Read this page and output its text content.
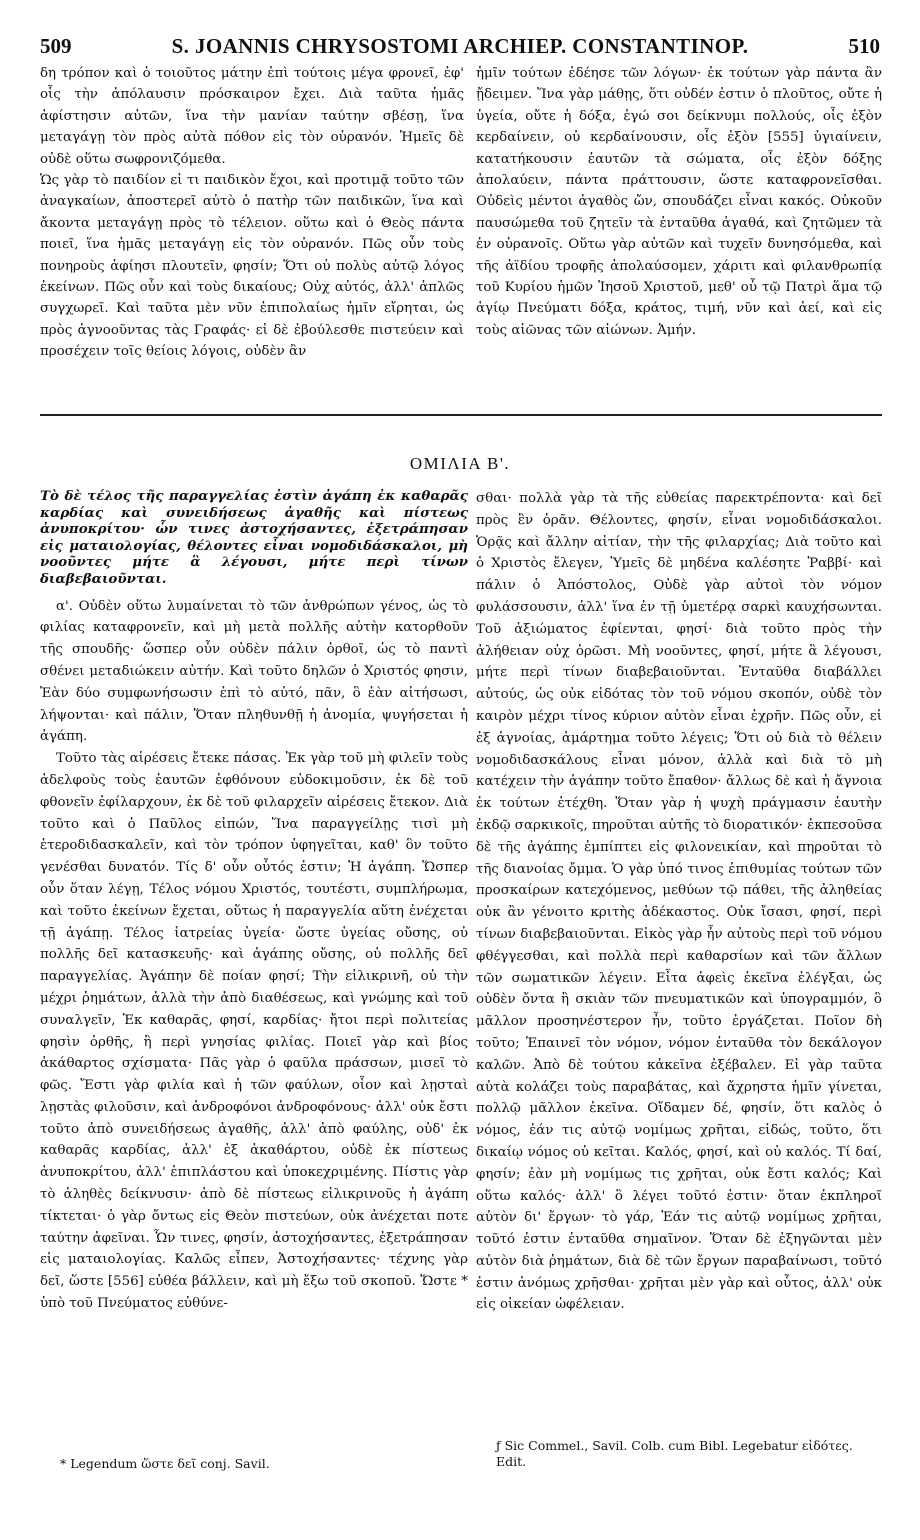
509	S. JOANNIS CHRYSOSTOMI ARCHIEP. CONSTANTINOP.	510

δη τρόπον καὶ ὁ τοιοῦτος μάτην ἐπὶ τούτοις μέγα φρονεῖ, ἐφ' οἷς τὴν ἀπόλαυσιν πρόσκαιρον ἔχει. Διὰ ταῦτα ἡμᾶς ἀφίστησιν αὐτῶν, ἵνα τὴν μανίαν ταύτην σβέσῃ, ἵνα μεταγάγῃ τὸν πρὸς αὐτὰ πόθον εἰς τὸν οὐρανόν. Ἡμεῖς δὲ οὐδὲ οὕτω σωφρονιζόμεθα.

Ὡς γὰρ τὸ παιδίον εἰ τι παιδικὸν ἔχοι, καὶ προτιμᾷ τοῦτο τῶν ἀναγκαίων, ἀποστερεῖ αὐτὸ ὁ πατὴρ τῶν παιδικῶν, ἵνα καὶ ἄκοντα μεταγάγῃ πρὸς τὸ τέλειον. οὕτω καὶ ὁ Θεὸς πάντα ποιεῖ, ἵνα ἡμᾶς μεταγάγῃ εἰς τὸν οὐρανόν. Πῶς οὖν τοὺς πονηροὺς ἀφίησι πλουτεῖν, φησίν; Ὅτι οὐ πολὺς αὐτῷ λόγος ἐκείνων. Πῶς οὖν καὶ τοὺς δικαίους; Οὐχ αὐτός, ἀλλ' ἁπλῶς συγχωρεῖ. Καὶ ταῦτα μὲν νῦν ἐπιπολαίως ἡμῖν εἴρηται, ὡς πρὸς ἀγνοοῦντας τὰς Γραφάς· εἰ δὲ ἐβούλεσθε πιστεύειν καὶ προσέχειν τοῖς θείοις λόγοις, οὐδὲν ἂν

ἡμῖν τούτων ἐδέησε τῶν λόγων· ἐκ τούτων γὰρ πάντα ἂν ᾔδειμεν. Ἵνα γὰρ μάθῃς, ὅτι οὐδέν ἐστιν ὁ πλοῦτος, οὔτε ἡ ὑγεία, οὔτε ἡ δόξα, ἐγώ σοι δείκνυμι πολλούς, οἷς ἐξὸν κερδαίνειν, οὐ κερδαίνουσιν, οἷς ἐξὸν [555] ὑγιαίνειν, κατατήκουσιν ἑαυτῶν τὰ σώματα, οἷς ἐξὸν δόξης ἀπολαύειν, πάντα πράττουσιν, ὥστε καταφρονεῖσθαι. Οὐδεὶς μέντοι ἀγαθὸς ὤν, σπουδάζει εἶναι κακός. Οὐκοῦν παυσώμεθα τοῦ ζητεῖν τὰ ἐνταῦθα ἀγαθά, καὶ ζητῶμεν τὰ ἐν οὐρανοῖς. Οὕτω γὰρ αὐτῶν καὶ τυχεῖν δυνησόμεθα, καὶ τῆς ἀϊδίου τροφῆς ἀπολαύσομεν, χάριτι καὶ φιλανθρωπίᾳ τοῦ Κυρίου ἡμῶν Ἰησοῦ Χριστοῦ, μεθ' οὗ τῷ Πατρὶ ἅμα τῷ ἁγίῳ Πνεύματι δόξα, κράτος, τιμή, νῦν καὶ ἀεί, καὶ εἰς τοὺς αἰῶνας τῶν αἰώνων. Ἀμήν.

ΟΜΙΛΙΑ Β'.

Τὸ δὲ τέλος τῆς παραγγελίας ἐστὶν ἀγάπη ἐκ καθαρᾶς καρδίας καὶ συνειδήσεως ἀγαθῆς καὶ πίστεως ἀνυποκρίτου· ὧν τινες ἀστοχήσαντες, ἐξετράπησαν εἰς ματαιολογίας, θέλοντες εἶναι νομοδιδάσκαλοι, μὴ νοοῦντες μήτε ἃ λέγουσι, μήτε περὶ τίνων διαβεβαιοῦνται.

α'. Οὐδὲν οὕτω λυμαίνεται τὸ τῶν ἀνθρώπων γένος, ὡς τὸ φιλίας καταφρονεῖν, καὶ μὴ μετὰ πολλῆς αὐτὴν κατορθοῦν τῆς σπουδῆς· ὥσπερ οὖν οὐδὲν πάλιν ὀρθοῖ, ὡς τὸ παντὶ σθένει μεταδιώκειν αὐτήν. Καὶ τοῦτο δηλῶν ὁ Χριστός φησιν, Ἐὰν δύο συμφωνήσωσιν ἐπὶ τὸ αὐτό, πᾶν, ὃ ἐὰν αἰτήσωσι, λήψονται· καὶ πάλιν, Ὅταν πληθυνθῇ ἡ ἀνομία, ψυγήσεται ἡ ἀγάπη.

Τοῦτο τὰς αἱρέσεις ἔτεκε πάσας. Ἐκ γὰρ τοῦ μὴ φιλεῖν τοὺς ἀδελφοὺς τοὺς ἑαυτῶν ἐφθόνουν εὐδοκιμοῦσιν, ἐκ δὲ τοῦ φθονεῖν ἐφίλαρχουν, ἐκ δὲ τοῦ φιλαρχεῖν αἱρέσεις ἔτεκον. Διὰ τοῦτο καὶ ὁ Παῦλος εἰπών, Ἵνα παραγγείλῃς τισὶ μὴ ἑτεροδιδασκαλεῖν, καὶ τὸν τρόπον ὑφηγεῖται, καθ' ὃν τοῦτο γενέσθαι δυνατόν. Τίς δ' οὗν οὗτός ἐστιν; Ἡ ἀγάπη. Ὥσπερ οὖν ὅταν λέγῃ, Τέλος νόμου Χριστός, τουτέστι, συμπλήρωμα, καὶ τοῦτο ἐκείνων ἔχεται, οὕτως ἡ παραγγελία αὕτη ἐνέχεται τῇ ἀγάπῃ. Τέλος ἰατρείας ὑγεία· ὥστε ὑγείας οὔσης, οὐ πολλῆς δεῖ κατασκευῆς· καὶ ἀγάπης οὔσης, οὐ πολλῆς δεῖ παραγγελίας. Ἀγάπην δὲ ποίαν φησί; Τὴν εἰλικρινῆ, οὐ τὴν μέχρι ῥημάτων, ἀλλὰ τὴν ἀπὸ διαθέσεως, καὶ γνώμης καὶ τοῦ συναλγεῖν, Ἐκ καθαρᾶς, φησί, καρδίας· ἤτοι περὶ πολιτείας φησὶν ὀρθῆς, ἢ περὶ γνησίας φιλίας. Ποιεῖ γὰρ καὶ βίος ἀκάθαρτος σχίσματα· Πᾶς γὰρ ὁ φαῦλα πράσσων, μισεῖ τὸ φῶς. Ἔστι γὰρ φιλία καὶ ἡ τῶν φαύλων, οἷον καὶ λῃσταὶ λῃστὰς φιλοῦσιν, καὶ ἀνδροφόνοι ἀνδροφόνους· ἀλλ' οὐκ ἔστι τοῦτο ἀπὸ συνειδήσεως ἀγαθῆς, ἀλλ' ἀπὸ φαύλης, οὐδ' ἐκ καθαρᾶς καρδίας, ἀλλ' ἐξ ἀκαθάρτου, οὐδὲ ἐκ πίστεως ἀνυποκρίτου, ἀλλ' ἐπιπλάστου καὶ ὑποκεχριμένης. Πίστις γὰρ τὸ ἀληθὲς δείκνυσιν· ἀπὸ δὲ πίστεως εἰλικρινοῦς ἡ ἀγάπη τίκτεται· ὁ γὰρ ὄντως εἰς Θεὸν πιστεύων, οὐκ ἀνέχεται ποτε ταύτην ἀφεῖναι. Ὧν τινες, φησίν, ἀστοχήσαντες, ἐξετράπησαν εἰς ματαιολογίας. Καλῶς εἶπεν, Ἀστοχήσαντες· τέχνης γὰρ δεῖ, ὥστε [556] εὐθέα βάλλειν, καὶ μὴ ἔξω τοῦ σκοποῦ. Ὥστε * ὑπὸ τοῦ Πνεύματος εὐθύνε-

σθαι· πολλὰ γὰρ τὰ τῆς εὐθείας παρεκτρέποντα· καὶ δεῖ πρὸς ἓν ὁρᾶν. Θέλοντες, φησίν, εἶναι νομοδιδάσκαλοι. Ὁρᾷς καὶ ἄλλην αἰτίαν, τὴν τῆς φιλαρχίας; Διὰ τοῦτο καὶ ὁ Χριστὸς ἔλεγεν, Ὑμεῖς δὲ μηδένα καλέσητε Ῥαββί· καὶ πάλιν ὁ Ἀπόστολος, Οὐδὲ γὰρ αὐτοὶ τὸν νόμον φυλάσσουσιν, ἀλλ' ἵνα ἐν τῇ ὑμετέρᾳ σαρκὶ καυχήσωνται. Τοῦ ἀξιώματος ἐφίενται, φησί· διὰ τοῦτο πρὸς τὴν ἀλήθειαν οὐχ ὁρῶσι. Μὴ νοοῦντες, φησί, μήτε ἃ λέγουσι, μήτε περὶ τίνων διαβεβαιοῦνται. Ἐνταῦθα διαβάλλει αὐτούς, ὡς οὐκ εἰδότας τὸν τοῦ νόμου σκοπόν, οὐδὲ τὸν καιρὸν μέχρι τίνος κύριον αὐτὸν εἶναι ἐχρῆν. Πῶς οὖν, εἰ ἐξ ἀγνοίας, ἁμάρτημα τοῦτο λέγεις; Ὅτι οὐ διὰ τὸ θέλειν νομοδιδασκάλους εἶναι μόνον, ἀλλὰ καὶ διὰ τὸ μὴ κατέχειν τὴν ἀγάπην τοῦτο ἔπαθον· ἄλλως δὲ καὶ ἡ ἄγνοια ἐκ τούτων ἐτέχθη. Ὅταν γὰρ ἡ ψυχὴ πράγμασιν ἑαυτὴν ἐκδῷ σαρκικοῖς, πηροῦται αὐτῆς τὸ διορατικόν· ἐκπεσοῦσα δὲ τῆς ἀγάπης ἐμπίπτει εἰς φιλονεικίαν, καὶ πηροῦται τὸ τῆς διανοίας ὄμμα. Ὁ γὰρ ὑπό τινος ἐπιθυμίας τούτων τῶν προσκαίρων κατεχόμενος, μεθύων τῷ πάθει, τῆς ἀληθείας οὐκ ἂν γένοιτο κριτὴς ἀδέκαστος. Οὐκ ἴσασι, φησί, περὶ τίνων διαβεβαιοῦνται. Εἰκὸς γὰρ ἦν αὐτοὺς περὶ τοῦ νόμου φθέγγεσθαι, καὶ πολλὰ περὶ καθαρσίων καὶ τῶν ἄλλων τῶν σωματικῶν λέγειν. Εἶτα ἀφεὶς ἐκεῖνα ἐλέγξαι, ὡς οὐδὲν ὄντα ἢ σκιὰν τῶν πνευματικῶν καὶ ὑπογραμμόν, ὃ μᾶλλον προσηνέστερον ἦν, τοῦτο ἐργάζεται. Ποῖον δὴ τοῦτο; Ἐπαινεῖ τὸν νόμον, νόμον ἐνταῦθα τὸν δεκάλογον καλῶν. Ἀπὸ δὲ τούτου κἀκεῖνα ἐξέβαλεν. Εἰ γὰρ ταῦτα αὐτὰ κολάζει τοὺς παραβάτας, καὶ ἄχρηστα ἡμῖν γίνεται, πολλῷ μᾶλλον ἐκεῖνα. Οἴδαμεν δέ, φησίν, ὅτι καλὸς ὁ νόμος, ἐάν τις αὐτῷ νομίμως χρῆται, εἰδώς, τοῦτο, ὅτι δικαίῳ νόμος οὐ κεῖται. Καλός, φησί, καὶ οὐ καλός. Τί δαί, φησίν; ἐὰν μὴ νομίμως τις χρῆται, οὐκ ἔστι καλός; Καὶ οὕτω καλός· ἀλλ' ὃ λέγει τοῦτό ἐστιν· ὅταν ἐκπληροῖ αὐτὸν δι' ἔργων· τὸ γάρ, Ἐάν τις αὐτῷ νομίμως χρῆται, τοῦτό ἐστιν ἐνταῦθα σημαῖνον. Ὅταν δὲ ἐξηγῶνται μὲν αὐτὸν διὰ ῥημάτων, διὰ δὲ τῶν ἔργων παραβαίνωσι, τοῦτό ἐστιν ἀνόμως χρῆσθαι· χρῆται μὲν γὰρ καὶ οὗτος, ἀλλ' οὐκ εἰς οἰκείαν ὠφέλειαν.

* Legendum ὥστε δεῖ conj. Savil.
ƒ Sic Commel., Savil. Colb. cum Bibl. Legebatur εἰδότες. Edit.
